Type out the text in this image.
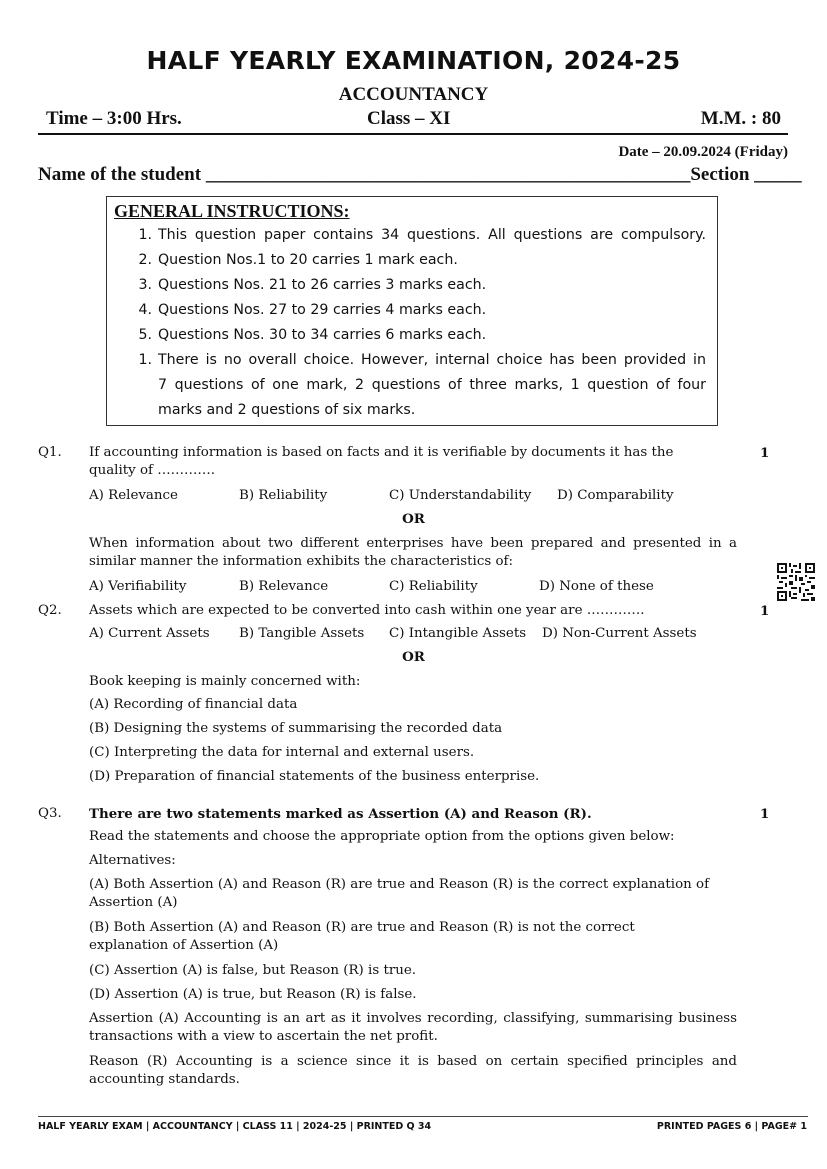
HALF YEARLY EXAMINATION, 2024-25
ACCOUNTANCY
Time – 3:00 Hrs.	Class – XI	M.M. : 80
Date – 20.09.2024 (Friday)
Name of the student ___________________________________________________Section _____
GENERAL INSTRUCTIONS:
1. This question paper contains 34 questions. All questions are compulsory.
2. Question Nos.1 to 20 carries 1 mark each.
3. Questions Nos. 21 to 26 carries 3 marks each.
4. Questions Nos. 27 to 29 carries 4 marks each.
5. Questions Nos. 30 to 34 carries 6 marks each.
1. There is no overall choice. However, internal choice has been provided in
7 questions of one mark, 2 questions of three marks, 1 question of four
marks and 2 questions of six marks.
Q1.	1
If accounting information is based on facts and it is verifiable by documents it has the quality of ………….
A) Relevance	B) Reliability	C) Understandability D) Comparability
OR
When information about two different enterprises have been prepared and presented in a similar manner the information exhibits the characteristics of:
A) Verifiability	B) Relevance	C) Reliability	D) None of these
Q2.	1
Assets which are expected to be converted into cash within one year are ………….
A) Current Assets B) Tangible Assets C) Intangible Assets D) Non-Current Assets
OR
Book keeping is mainly concerned with:
(A) Recording of financial data
(B) Designing the systems of summarising the recorded data
(C) Interpreting the data for internal and external users.
(D) Preparation of financial statements of the business enterprise.
Q3.	1
There are two statements marked as Assertion (A) and Reason (R).
Read the statements and choose the appropriate option from the options given below:
Alternatives:
(A) Both Assertion (A) and Reason (R) are true and Reason (R) is the correct explanation of Assertion (A)
(B) Both Assertion (A) and Reason (R) are true and Reason (R) is not the correct explanation of Assertion (A)
(C) Assertion (A) is false, but Reason (R) is true.
(D) Assertion (A) is true, but Reason (R) is false.
Assertion (A) Accounting is an art as it involves recording, classifying, summarising business transactions with a view to ascertain the net profit.
Reason (R) Accounting is a science since it is based on certain specified principles and accounting standards.
HALF YEARLY EXAM | ACCOUNTANCY | CLASS 11 | 2024-25 | PRINTED Q 34	PRINTED PAGES 6 | PAGE# 1
